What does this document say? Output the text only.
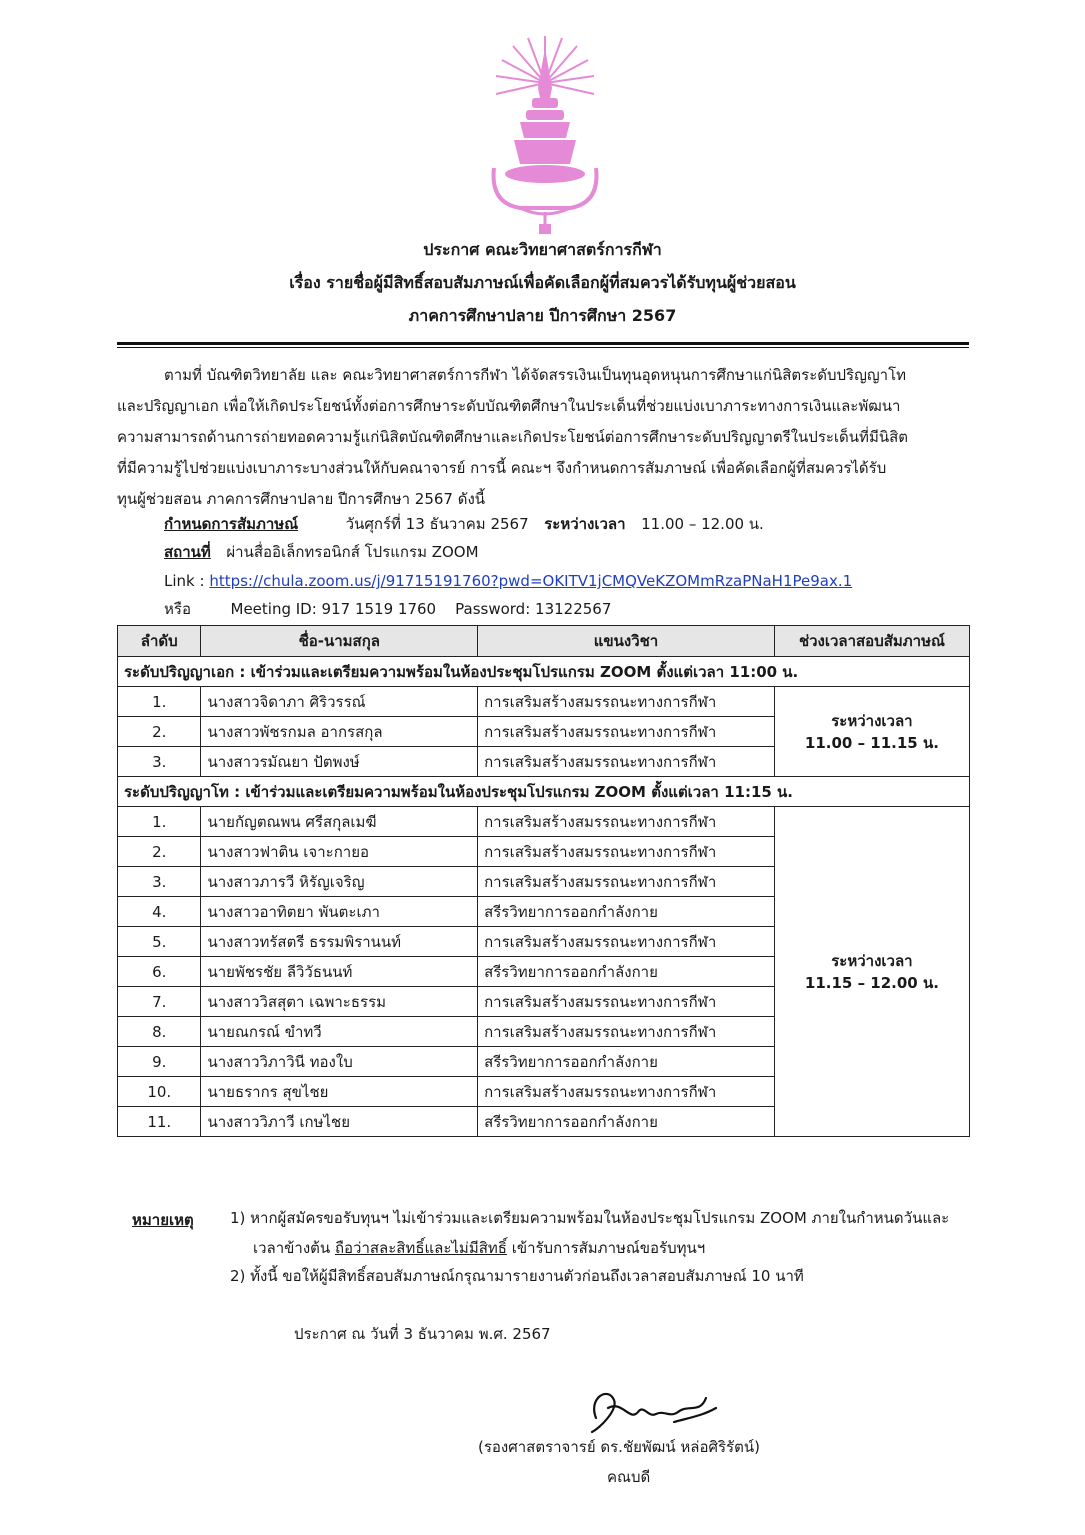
ประกาศ คณะวิทยาศาสตร์การกีฬา
เรื่อง รายชื่อผู้มีสิทธิ์สอบสัมภาษณ์เพื่อคัดเลือกผู้ที่สมควรได้รับทุนผู้ช่วยสอน
ภาคการศึกษาปลาย ปีการศึกษา 2567
ตามที่ บัณฑิตวิทยาลัย และ คณะวิทยาศาสตร์การกีฬา ได้จัดสรรเงินเป็นทุนอุดหนุนการศึกษาแก่นิสิตระดับปริญญาโท
และปริญญาเอก เพื่อให้เกิดประโยชน์ทั้งต่อการศึกษาระดับบัณฑิตศึกษาในประเด็นที่ช่วยแบ่งเบาภาระทางการเงินและพัฒนา
ความสามารถด้านการถ่ายทอดความรู้แก่นิสิตบัณฑิตศึกษาและเกิดประโยชน์ต่อการศึกษาระดับปริญญาตรีในประเด็นที่มีนิสิต
ที่มีความรู้ไปช่วยแบ่งเบาภาระบางส่วนให้กับคณาจารย์ การนี้ คณะฯ จึงกำหนดการสัมภาษณ์ เพื่อคัดเลือกผู้ที่สมควรได้รับ
ทุนผู้ช่วยสอน ภาคการศึกษาปลาย ปีการศึกษา 2567 ดังนี้
กำหนดการสัมภาษณ์	วันศุกร์ที่ 13 ธันวาคม 2567 ระหว่างเวลา 11.00 – 12.00 น.
สถานที่ ผ่านสื่ออิเล็กทรอนิกส์ โปรแกรม ZOOM
Link : https://chula.zoom.us/j/91715191760?pwd=OKITV1jCMQVeKZOMmRzaPNaH1Pe9ax.1
หรือ	Meeting ID: 917 1519 1760    Password: 13122567
ลำดับ	ชื่อ-นามสกุล	แขนงวิชา	ช่วงเวลาสอบสัมภาษณ์
ระดับปริญญาเอก : เข้าร่วมและเตรียมความพร้อมในห้องประชุมโปรแกรม ZOOM ตั้งแต่เวลา 11:00 น.			
1.	นางสาวจิดาภา ศิริวรรณ์	การเสริมสร้างสมรรถนะทางการกีฬา	ระหว่างเวลา
11.00 – 11.15 น.

2.	นางสาวพัชรกมล อากรสกุล	การเสริมสร้างสมรรถนะทางการกีฬา	
3.	นางสาวรมัณยา ปัตพงษ์	การเสริมสร้างสมรรถนะทางการกีฬา	
ระดับปริญญาโท : เข้าร่วมและเตรียมความพร้อมในห้องประชุมโปรแกรม ZOOM ตั้งแต่เวลา 11:15 น.			
1.	นายกัญตณพน ศรีสกุลเมฆี	การเสริมสร้างสมรรถนะทางการกีฬา	ระหว่างเวลา
11.15 – 12.00 น.

2.	นางสาวฟาติน เจาะกายอ	การเสริมสร้างสมรรถนะทางการกีฬา	
3.	นางสาวภารวี หิรัญเจริญ	การเสริมสร้างสมรรถนะทางการกีฬา	
4.	นางสาวอาทิตยา พันตะเภา	สรีรวิทยาการออกกำลังกาย	
5.	นางสาวทรัสตรี ธรรมพิรานนท์	การเสริมสร้างสมรรถนะทางการกีฬา	
6.	นายพัชรชัย ลีวิวัธนนท์	สรีรวิทยาการออกกำลังกาย	
7.	นางสาววิสสุตา เฉพาะธรรม	การเสริมสร้างสมรรถนะทางการกีฬา	
8.	นายณกรณ์ ขำทวี	การเสริมสร้างสมรรถนะทางการกีฬา	
9.	นางสาววิภาวินี ทองใบ	สรีรวิทยาการออกกำลังกาย	
10.	นายธรากร สุขไชย	การเสริมสร้างสมรรถนะทางการกีฬา	
11.	นางสาววิภาวี เกษไชย	สรีรวิทยาการออกกำลังกาย	
หมายเหตุ 1) หากผู้สมัครขอรับทุนฯ ไม่เข้าร่วมและเตรียมความพร้อมในห้องประชุมโปรแกรม ZOOM ภายในกำหนดวันและ
เวลาข้างต้น ถือว่าสละสิทธิ์และไม่มีสิทธิ์ เข้ารับการสัมภาษณ์ขอรับทุนฯ
2) ทั้งนี้ ขอให้ผู้มีสิทธิ์สอบสัมภาษณ์กรุณามารายงานตัวก่อนถึงเวลาสอบสัมภาษณ์ 10 นาที
ประกาศ ณ วันที่ 3 ธันวาคม พ.ศ. 2567
(รองศาสตราจารย์ ดร.ชัยพัฒน์ หล่อศิริรัตน์)
คณบดี
